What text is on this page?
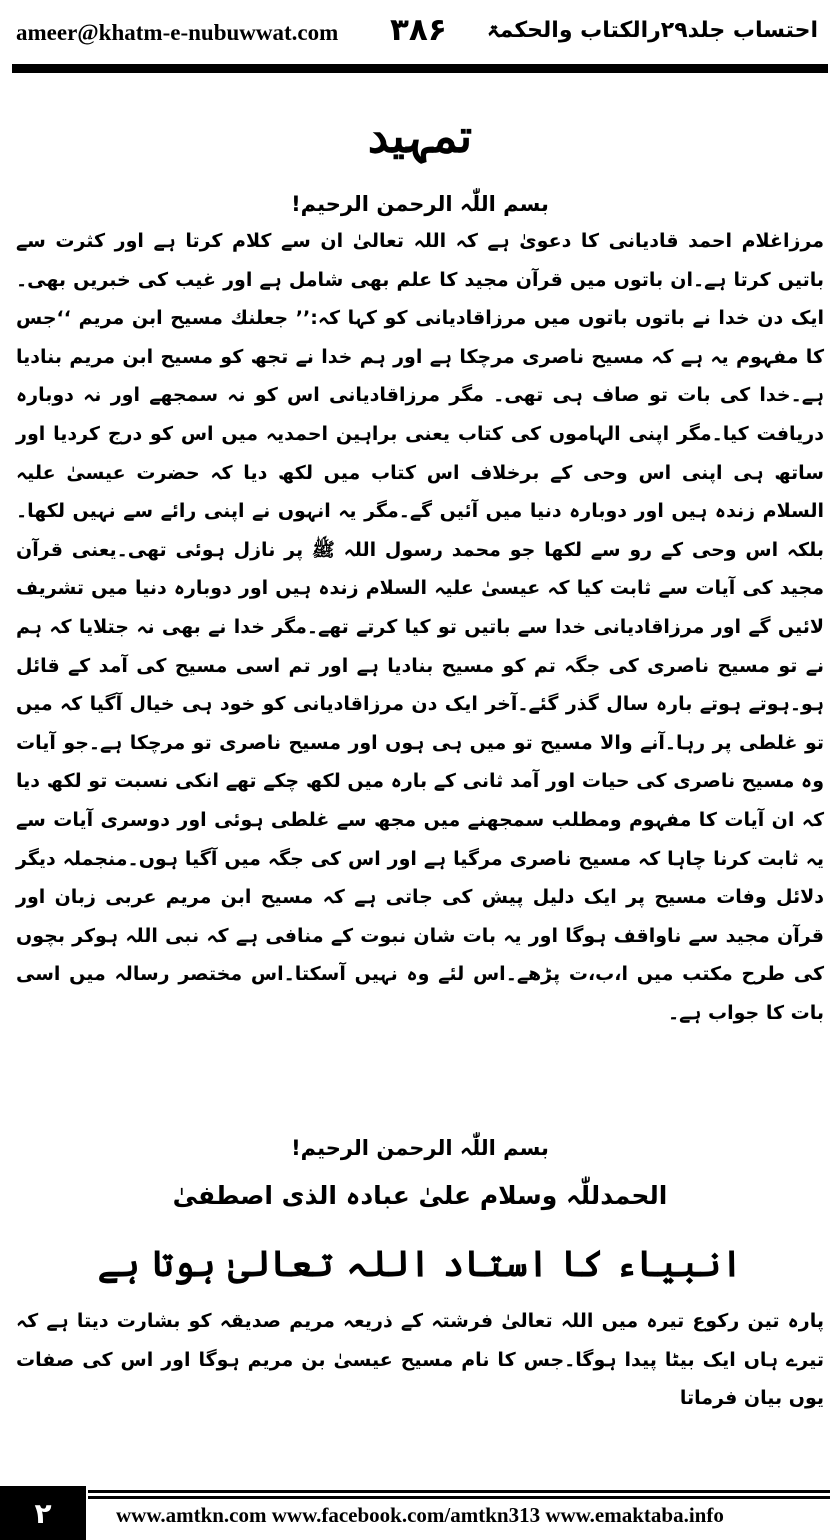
ameer@khatm-e-nubuwwat.com ۳۸۶ احتساب جلد۲۹رالکتاب والحکمۃ
تمہید
بسم اللّٰہ الرحمن الرحیم!

مرزاغلام احمد قادیانی کا دعویٰ ہے کہ اللہ تعالیٰ ان سے کلام کرتا ہے اور کثرت سے باتیں کرتا ہے۔ان باتوں میں قرآن مجید کا علم بھی شامل ہے اور غیب کی خبریں بھی۔ایک دن خدا نے باتوں باتوں میں مرزاقادیانی کو کہا کہ:’’ جعلنك مسيح ابن مريم ‘‘جس کا مفہوم یہ ہے کہ مسیح ناصری مرچکا ہے اور ہم خدا نے تجھ کو مسیح ابن مریم بنادیا ہے۔خدا کی بات تو صاف ہی تھی۔ مگر مرزاقادیانی اس کو نہ سمجھے اور نہ دوبارہ دریافت کیا۔مگر اپنی الہاموں کی کتاب یعنی براہین احمدیہ میں اس کو درج کردیا اور ساتھ ہی اپنی اس وحی کے برخلاف اس کتاب میں لکھ دیا کہ حضرت عیسیٰ علیہ السلام زندہ ہیں اور دوبارہ دنیا میں آئیں گے۔مگر یہ انہوں نے اپنی رائے سے نہیں لکھا۔ بلکہ اس وحی کے رو سے لکھا جو محمد رسول اللہ ﷺ پر نازل ہوئی تھی۔یعنی قرآن مجید کی آیات سے ثابت کیا کہ عیسیٰ علیہ السلام زندہ ہیں اور دوبارہ دنیا میں تشریف لائیں گے اور مرزاقادیانی خدا سے باتیں تو کیا کرتے تھے۔مگر خدا نے بھی نہ جتلایا کہ ہم نے تو مسیح ناصری کی جگہ تم کو مسیح بنادیا ہے اور تم اسی مسیح کی آمد کے قائل ہو۔ہوتے ہوتے بارہ سال گذر گئے۔آخر ایک دن مرزاقادیانی کو خود ہی خیال آگیا کہ میں تو غلطی پر رہا۔آنے والا مسیح تو میں ہی ہوں اور مسیح ناصری تو مرچکا ہے۔جو آیات وہ مسیح ناصری کی حیات اور آمد ثانی کے بارہ میں لکھ چکے تھے انکی نسبت تو لکھ دیا کہ ان آیات کا مفہوم ومطلب سمجھنے میں مجھ سے غلطی ہوئی اور دوسری آیات سے یہ ثابت کرنا چاہا کہ مسیح ناصری مرگیا ہے اور اس کی جگہ میں آگیا ہوں۔منجملہ دیگر دلائل وفات مسیح پر ایک دلیل پیش کی جاتی ہے کہ مسیح ابن مریم عربی زبان اور قرآن مجید سے ناواقف ہوگا اور یہ بات شان نبوت کے منافی ہے کہ نبی اللہ ہوکر بچوں کی طرح مکتب میں ا،ب،ت پڑھے۔اس لئے وہ نہیں آسکتا۔اس مختصر رسالہ میں اسی بات کا جواب ہے۔

بسم اللّٰہ الرحمن الرحیم!
الحمدللّٰہ وسلام علیٰ عبادہ الذی اصطفیٰ
انبیاء کا استاد اللہ تعالیٰ ہوتا ہے

پارہ تین رکوع تیرہ میں اللہ تعالیٰ فرشتہ کے ذریعہ مریم صدیقہ کو بشارت دیتا ہے کہ تیرے ہاں ایک بیٹا پیدا ہوگا۔جس کا نام مسیح عیسیٰ بن مریم ہوگا اور اس کی صفات یوں بیان فرماتا

۲	www.amtkn.com www.facebook.com/amtkn313 www.emaktaba.info
